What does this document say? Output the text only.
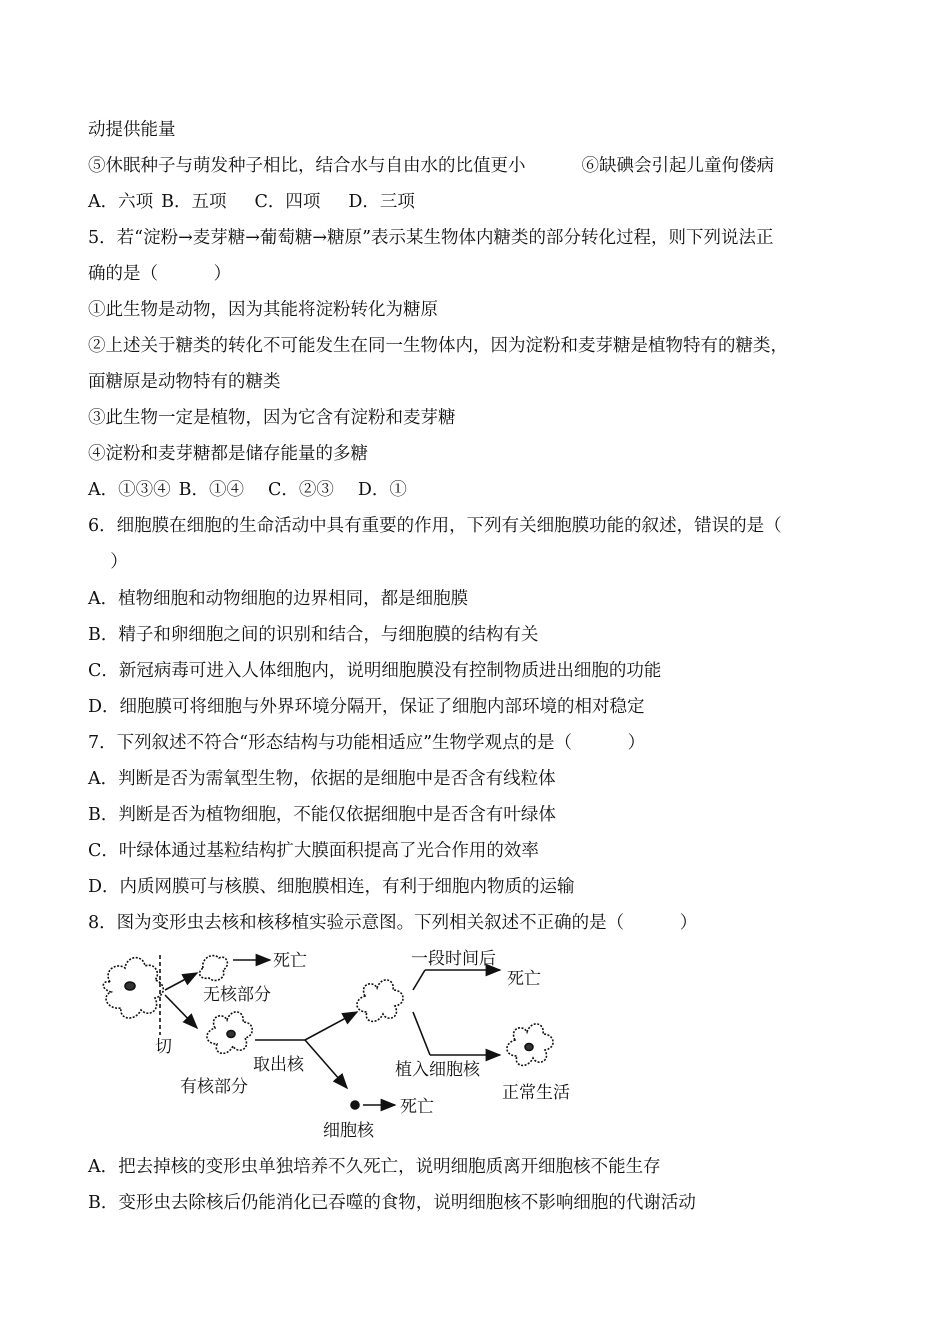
动提供能量
⑤休眠种子与萌发种子相比，结合水与自由水的比值更小	⑥缺碘会引起儿童佝偻病
A．六项 B．五项 C．四项 D．三项
5．若“淀粉→麦芽糖→葡萄糖→糖原”表示某生物体内糖类的部分转化过程，则下列说法正
确的是（          ）
①此生物是动物，因为其能将淀粉转化为糖原
②上述关于糖类的转化不可能发生在同一生物体内，因为淀粉和麦芽糖是植物特有的糖类，
面糖原是动物特有的糖类
③此生物一定是植物，因为它含有淀粉和麦芽糖
④淀粉和麦芽糖都是储存能量的多糖
A．①③④ B．①④ C．②③ D．①
6．细胞膜在细胞的生命活动中具有重要的作用，下列有关细胞膜功能的叙述，错误的是（
）
A．植物细胞和动物细胞的边界相同，都是细胞膜
B．精子和卵细胞之间的识别和结合，与细胞膜的结构有关
C．新冠病毒可进入人体细胞内，说明细胞膜没有控制物质进出细胞的功能
D．细胞膜可将细胞与外界环境分隔开，保证了细胞内部环境的相对稳定
7．下列叙述不符合“形态结构与功能相适应”生物学观点的是（          ）
A．判断是否为需氧型生物，依据的是细胞中是否含有线粒体
B．判断是否为植物细胞，不能仅依据细胞中是否含有叶绿体
C．叶绿体通过基粒结构扩大膜面积提高了光合作用的效率
D．内质网膜可与核膜、细胞膜相连，有利于细胞内物质的运输
8．图为变形虫去核和核移植实验示意图。下列相关叙述不正确的是（          ）
切
死亡
无核部分
有核部分
取出核
一段时间后
死亡
植入细胞核
正常生活
死亡
细胞核
A．把去掉核的变形虫单独培养不久死亡，说明细胞质离开细胞核不能生存
B．变形虫去除核后仍能消化已吞噬的食物，说明细胞核不影响细胞的代谢活动
